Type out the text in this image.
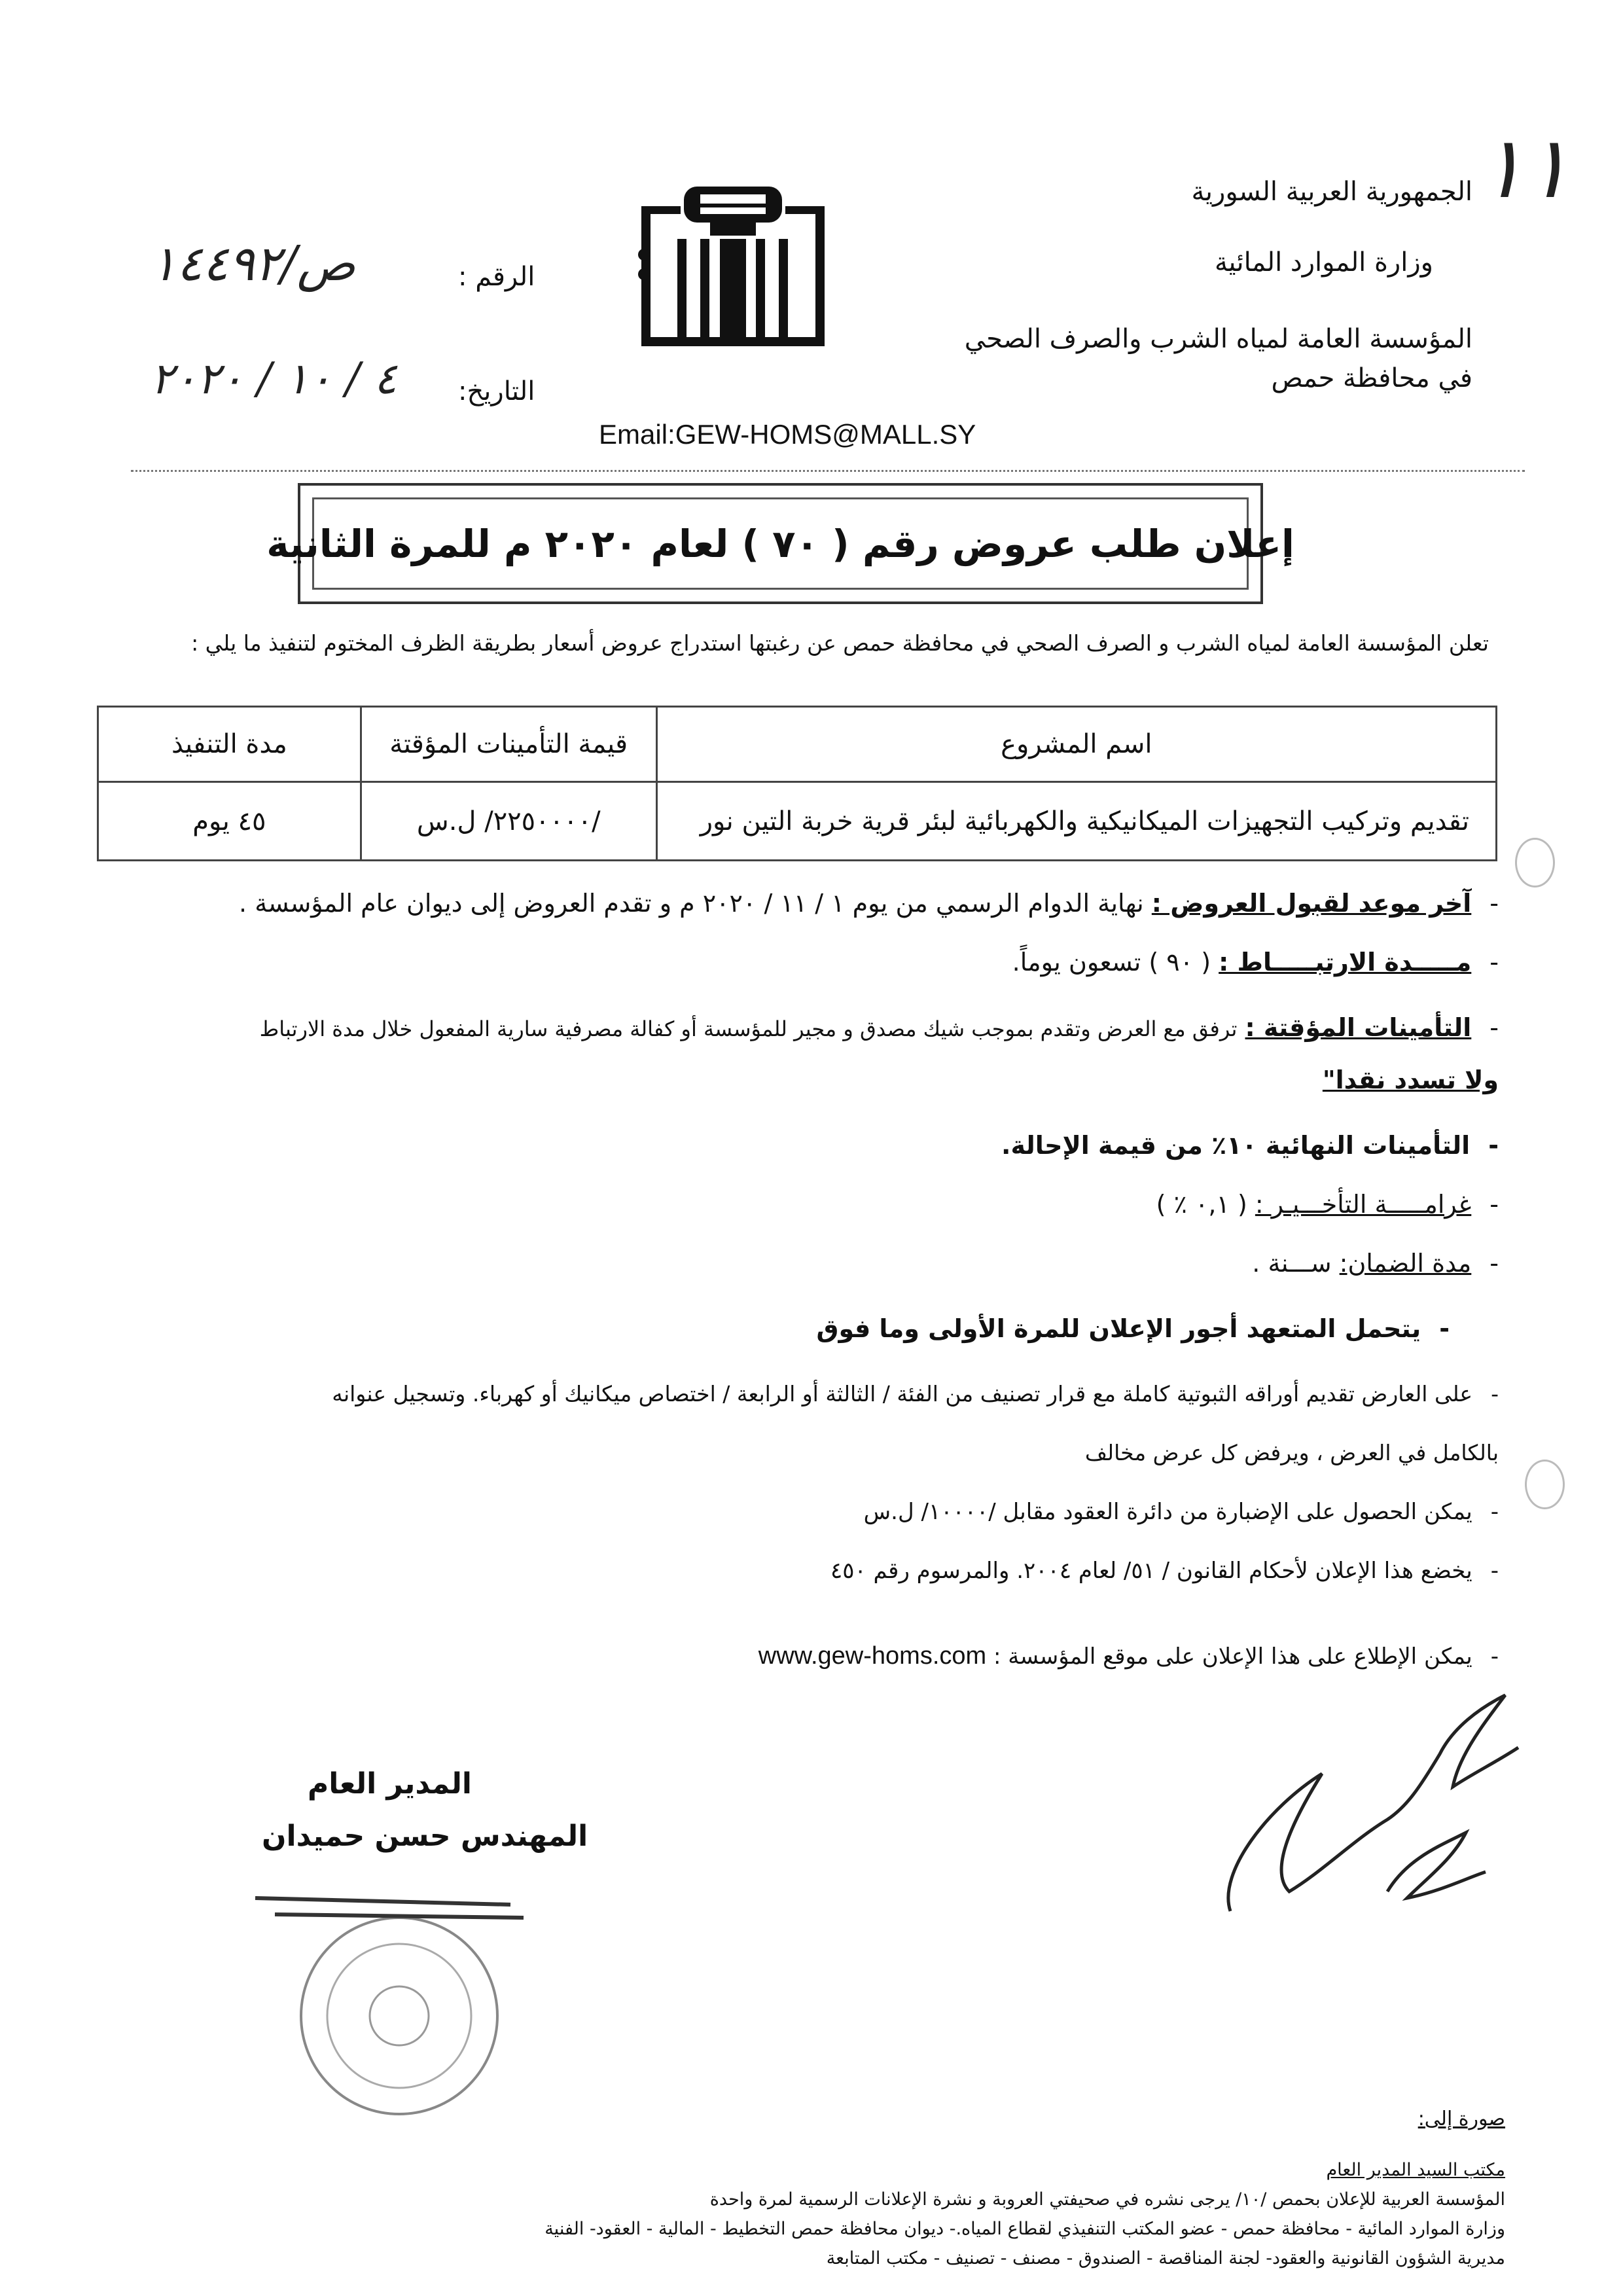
الجمهورية العربية السورية
وزارة الموارد المائية
المؤسسة العامة لمياه الشرب والصرف الصحي
في محافظة حمص
١١
الرقم :
ص/١٤٤٩٢
التاريخ:
٤ / ١٠ / ٢٠٢٠
Email:GEW-HOMS@MALL.SY
إعلان طلب عروض رقم ( ٧٠ ) لعام ٢٠٢٠ م للمرة الثانية
تعلن المؤسسة العامة لمياه الشرب و الصرف الصحي في محافظة حمص عن رغبتها استدراج عروض أسعار بطريقة الظرف المختوم لتنفيذ ما يلي :
اسم المشروع	قيمة التأمينات المؤقتة	مدة التنفيذ
تقديم وتركيب التجهيزات الميكانيكية والكهربائية لبئر قرية خربة التين نور	/٢٢٥٠٠٠٠/ ل.س	٤٥ يوم
-آخر موعد لقبول العروض : نهاية الدوام الرسمي من يوم ١ / ١١ / ٢٠٢٠ م و تقدم العروض إلى ديوان عام المؤسسة .
-مـــــدة الارتبـــــاط : ( ٩٠ ) تسعون يوماً.
-التأمينات المؤقتة : ترفق مع العرض وتقدم بموجب شيك مصدق و مجير للمؤسسة أو كفالة مصرفية سارية المفعول خلال مدة الارتباط
ولا تسدد نقدا"
-التأمينات النهائية ١٠٪ من قيمة الإحالة.
-غرامـــــة التأخـــيـر : ( ٠,١ ٪ )
-مدة الضمان: ســـنة .
-يتحمل المتعهد أجور الإعلان للمرة الأولى وما فوق
-على العارض تقديم أوراقه الثبوتية كاملة مع قرار تصنيف من الفئة / الثالثة أو الرابعة / اختصاص ميكانيك أو كهرباء. وتسجيل عنوانه
بالكامل في العرض ، ويرفض كل عرض مخالف
-يمكن الحصول على الإضبارة من دائرة العقود مقابل /١٠٠٠٠/ ل.س
-يخضع هذا الإعلان لأحكام القانون / ٥١/ لعام ٢٠٠٤. والمرسوم رقم ٤٥٠
-يمكن الإطلاع على هذا الإعلان على موقع المؤسسة : www.gew-homs.com
المدير العام
المهندس حسن حميدان
صورة إلى:
مكتب السيد المدير العام
المؤسسة العربية للإعلان بحمص /١٠/ يرجى نشره في صحيفتي العروبة و نشرة الإعلانات الرسمية لمرة واحدة
وزارة الموارد المائية - محافظة حمص - عضو المكتب التنفيذي لقطاع المياه.- ديوان محافظة حمص التخطيط - المالية - العقود- الفنية
مديرية الشؤون القانونية والعقود- لجنة المناقصة - الصندوق - مصنف - تصنيف - مكتب المتابعة
